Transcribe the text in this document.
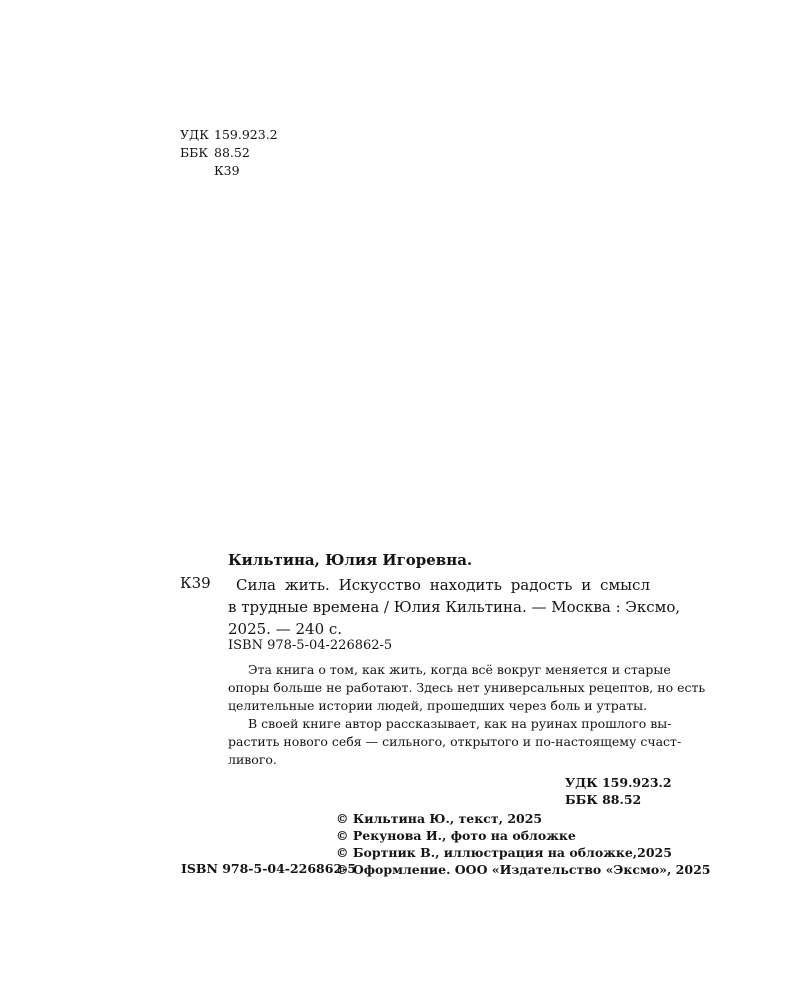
УДК 159.923.2
ББК 88.52
К39
Кильтина, Юлия Игоревна.
К39	Сила жить. Искусство находить радость и смысл
в трудные времена / Юлия Кильтина. — Москва : Эксмо,
2025. — 240 с.
ISBN 978-5-04-226862-5
Эта книга о том, как жить, когда всё вокруг меняется и старые
опоры больше не работают. Здесь нет универсальных рецептов, но есть
целительные истории людей, прошедших через боль и утраты.
В своей книге автор рассказывает, как на руинах прошлого вы-
растить нового себя — сильного, открытого и по-настоящему счаст-
ливого.
УДК 159.923.2
ББК 88.52
© Кильтина Ю., текст, 2025
© Рекунова И., фото на обложке
© Бортник В., иллюстрация на обложке,2025
© Оформление. ООО «Издательство «Эксмо», 2025
ISBN 978-5-04-226862-5
